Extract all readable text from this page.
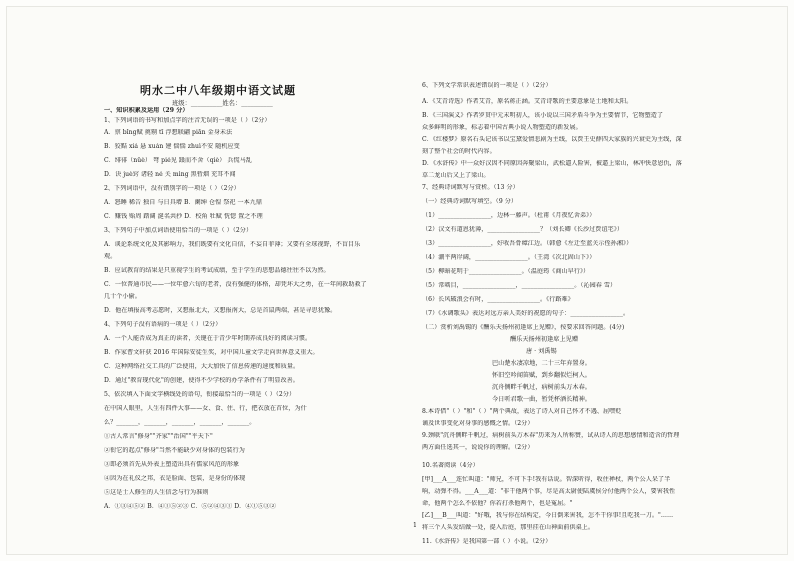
明水二中八年级期中语文试题
班级：__________姓名：__________
一、知识积累及运用（29 分）
1、下列词语的书写和加点字的注音无误的一项是（ ）（2分）
A．禀 bǐng赋 挑剔 tī 浮想联翩 piān 金身未法
B．狡黠 xiá 悬 xuán 建 惴惴 zhuì不安 随机应变
C．绯徘（nüè） 弩 pié见 蹑而不舍（qiè） 兵慌马乱
D．诀 juè窍 诸轻 né 关 mìng 黑暂烟 充耳不闻
2、下列词语中，没有错别字的一项是（ ）（2分）
A．怒睡 稀告 独自 与日具增 B．阑绅 仓惶 祭祀 一本九鼎
C．赚钱 贻周 踏阔 涎名共抄 D．校角 牡赋 恍惚 置之不理
3、下列句子中加点词语使用恰当的一项是（ ）（2分）
A．谈论系统文化及其影响力，我们既要有文化自信，不妄自菲薄；又要有全球视野，不盲目乐
观。
B．应试教育的结果是只重视学生的考试成绩，至于学生的思想品德往往不以为然。
C．一位普通市民——一位年愈六旬的老者，没有强健的体格，却凭坏大之勇，在一年间救助救了
几十个小偷。
D．他在填报高考志愿时，又想报北大，又想报南大，总是首鼠两端，甚是寻思犹豫。
4、下列句子没有语病的一项是（ ）（2分）
A．一个人能否成为真正的读者，关键在于青少年时期养成良好的阅读习惯。
B．作家曹文轩获 2016 年国际安徒生奖，对中国儿童文学走向世界意义重大。
C．这种网络社交工具的广泛使用，大大加快了信息传递的速度和质量。
D．通过"教育现代化"的创建，使得不少学校的办学条件有了明显改善。
5、依次填入下面文字横线处的语句，衔接最恰当的一项是（ ）（2分）
在中国人眼里，人生有四件大事——女、食、住、行，把衣放在首位，为什
么？_______，_______，_______，_______，_______。
①古人常言"修身""齐家""治国""平天下"
②衔它的起点"修身"当然不能缺少对身体的包装行为
③即必须首先从外表上塑造出具有儒家风范的形象
④因为在礼仪之邦，衣是脸面、包装，是身份的体现
⑤这是士人修生的人生信念与行为准则
A．①③④⑤② B．④①⑤②③ C．⑤②④③① D．④①⑤③②
6、下列文学常识表述错误的一项是（ ）（2分）
A．《艾青诗选》作者艾青，原名蒋正涵。艾青诗歌的主要意象是土地和太阳。
B．《三国演义》作者罗贯中元末明初人，该小说以三国矛盾斗争为主要情节，它物塑造了
众多鲜明的形象，标志着中国古典小说人物塑造的新发展。
C．《红楼梦》原名石头记该书以宝黛爱情悲剧为主线，以贾王史薛四大家族的兴衰史为主线，深
刻了整个社会的时代内容。
D．《水浒传》中一众好汉因不同原因奔聚梁山，武松逼人险害，被逼上梁山，林冲快意恩仇，落
草二龙山后又上了梁山。
7、经典诗词默写与赏析。（13 分）
（一）经典诗词默写填空。（9 分）
（1）_________________，边林一藤声。（杜甫《月夜忆舍弟》）
（2）汉文有道恩犹薄，_________________？（刘长卿《长沙过贾谊宅》）
（3）_________________，好收吾骨瘴江边。（韩愈《左迁至蓝关示侄孙湘》）
（4）潮平两岸阔，_________________。（王湾《次北固山下》）
（5）柳暗花明于_________________。（温庭筠《商山早行》）
（5）常啮目，_________________，_________________。（沁园春 雪）
（6）长风破浪会有时，_________________。《行路难》
（7）《水调歌头》表达对远方亲人美好的祝愿的句子：_________________。
（二）赏析刘禹锡的《酬乐天扬州初逢席上见赠》，按要求回答问题。(4分)
酬乐天扬州初逢席上见赠
唐 · 刘禹锡
巴山楚水凄凉地，二十三年弃置身。
怀旧空吟闻笛赋，到乡翻似烂柯人。
沉舟侧畔千帆过，病树前头万木春。
今日听君歌一曲，暂凭杯酒长精神。
8.本诗借"（ ）"和"（ ）"两个典故，表达了诗人对自己怀才不遇、屈嘿贬
谪及世事变化对身事的感慨之情。（2分）
9.颈联"沉舟侧畔千帆过，病树前头万木春"历来为人所称赞，试从诗人的思想感情和造含的哲理
两方面任选其一，说说你的理解。（2分）
10.名著阅读（4分）
[甲]___A___连忙叫道："师兄，不可下手!我有话说。智深听得，收住禅杖，两个公人呆了半
响，动弹不得。___A___道："非干他两个事，尽是高太尉使陆虞侯分付他两个公人，要害我性
命，他两个怎么不依他？你若打杀他两个，也是冤屈。"
[乙]___B___叫道："好哦，我与你在结构定，今日倒来害我，怎不干你事!且吃我一刀。"……
将三个人头发结做一处，提入后庭，那里挂在山神面前供桌上。
11.《水浒传》是我国第一部（ ）小说。（2分）
1
